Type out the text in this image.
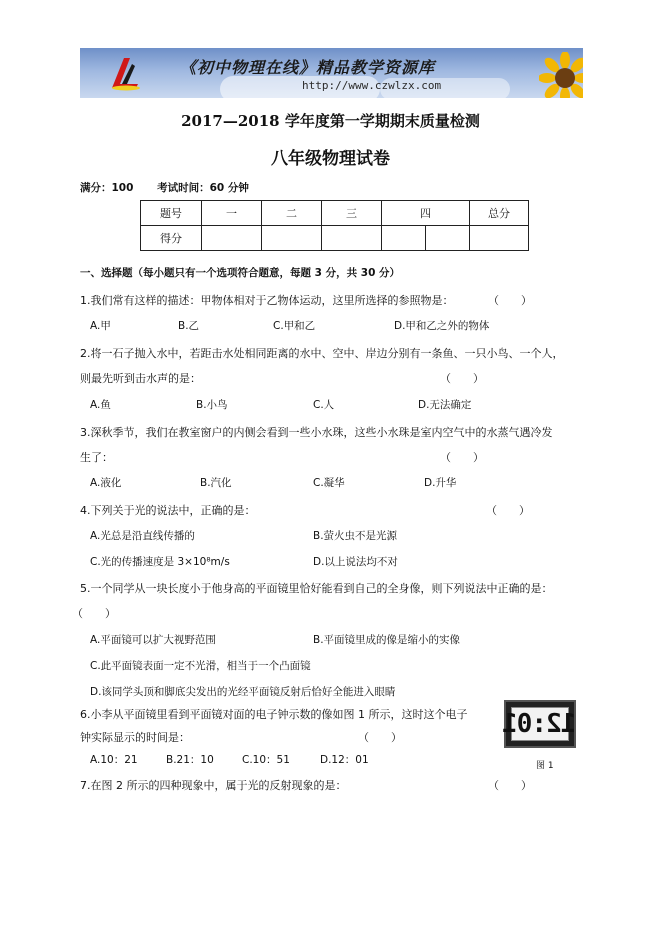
《初中物理在线》精品教学资源库
http://www.czwlzx.com
2017—2018 学年度第一学期期末质量检测
八年级物理试卷
满分：100 考试时间：60 分钟
题号	一	二	三	四		总分
得分						
一、选择题（每小题只有一个选项符合题意，每题 3 分，共 30 分）
1.我们常有这样的描述：甲物体相对于乙物体运动，这里所选择的参照物是：	（　　）
A.甲	B.乙	C.甲和乙	D.甲和乙之外的物体
2.将一石子抛入水中，若距击水处相同距离的水中、空中、岸边分别有一条鱼、一只小鸟、一个人，
则最先听到击水声的是：	（　　）
A.鱼	B.小鸟	C.人	D.无法确定
3.深秋季节，我们在教室窗户的内侧会看到一些小水珠，这些小水珠是室内空气中的水蒸气遇冷发
生了：	（　　）
A.液化	B.汽化	C.凝华	D.升华
4.下列关于光的说法中，正确的是：	（　　）
A.光总是沿直线传播的	B.萤火虫不是光源
C.光的传播速度是 3×10⁸m/s	D.以上说法均不对
5.一个同学从一块长度小于他身高的平面镜里恰好能看到自己的全身像，则下列说法中正确的是：
（　　）
A.平面镜可以扩大视野范围	B.平面镜里成的像是缩小的实像
C.此平面镜表面一定不光滑，相当于一个凸面镜
D.该同学头顶和脚底尖发出的光经平面镜反射后恰好全能进入眼睛
6.小李从平面镜里看到平面镜对面的电子钟示数的像如图 1 所示，这时这个电子
钟实际显示的时间是：	（　　）
A.10：21	B.21：10	C.10：51	D.12：01
12:01
图 1
7.在图 2 所示的四种现象中，属于光的反射现象的是：	（　　）
